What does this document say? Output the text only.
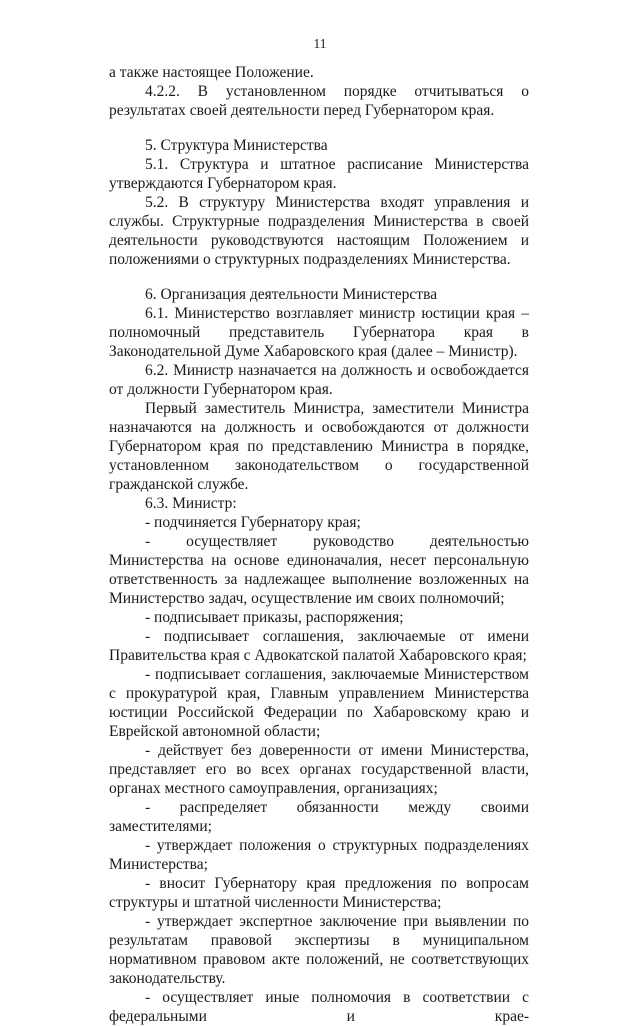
11

а также настоящее Положение.

4.2.2. В установленном порядке отчитываться о результатах своей деятельности перед Губернатором края.

5. Структура Министерства

5.1. Структура и штатное расписание Министерства утверждаются Губернатором края.

5.2. В структуру Министерства входят управления и службы. Структурные подразделения Министерства в своей деятельности руководствуются настоящим Положением и положениями о структурных подразделениях Министерства.

6. Организация деятельности Министерства

6.1. Министерство возглавляет министр юстиции края – полномочный представитель Губернатора края в Законодательной Думе Хабаровского края (далее – Министр).

6.2. Министр назначается на должность и освобождается от должности Губернатором края.

Первый заместитель Министра, заместители Министра назначаются на должность и освобождаются от должности Губернатором края по представлению Министра в порядке, установленном законодательством о государственной гражданской службе.

6.3. Министр:

- подчиняется Губернатору края;

- осуществляет руководство деятельностью Министерства на основе единоначалия, несет персональную ответственность за надлежащее выполнение возложенных на Министерство задач, осуществление им своих полномочий;

- подписывает приказы, распоряжения;

- подписывает соглашения, заключаемые от имени Правительства края с Адвокатской палатой Хабаровского края;

- подписывает соглашения, заключаемые Министерством с прокуратурой края, Главным управлением Министерства юстиции Российской Федерации по Хабаровскому краю и Еврейской автономной области;

- действует без доверенности от имени Министерства, представляет его во всех органах государственной власти, органах местного самоуправления, организациях;

- распределяет обязанности между своими заместителями;

- утверждает положения о структурных подразделениях Министерства;

- вносит Губернатору края предложения по вопросам структуры и штатной численности Министерства;

- утверждает экспертное заключение при выявлении по результатам правовой экспертизы в муниципальном нормативном правовом акте положений, не соответствующих законодательству.

- осуществляет иные полномочия в соответствии с федеральными и крае-
